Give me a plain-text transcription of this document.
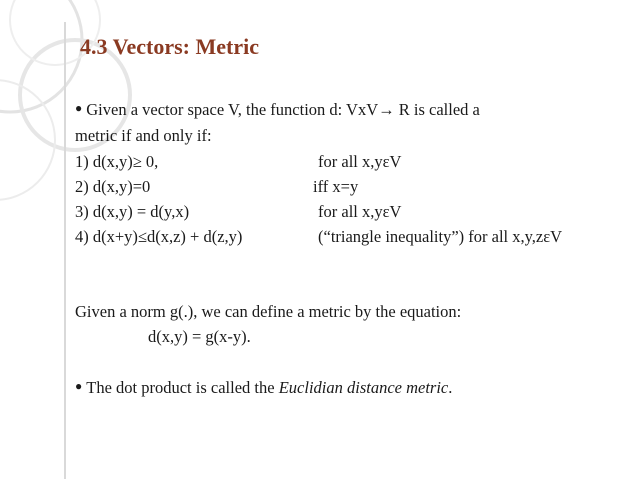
4.3 Vectors: Metric
● Given a vector space V, the function d: VxV→ R is called a
metric if and only if:
1) d(x,y)≥ 0,	for all x,yεV
2) d(x,y)=0	iff x=y
3) d(x,y) = d(y,x)	for all x,yεV
4) d(x+y)≤d(x,z) + d(z,y)	(“triangle inequality”) for all x,y,zεV
Given a norm g(.), we can define a metric by the equation:
d(x,y) = g(x-y).
● The dot product is called the Euclidian distance metric.
